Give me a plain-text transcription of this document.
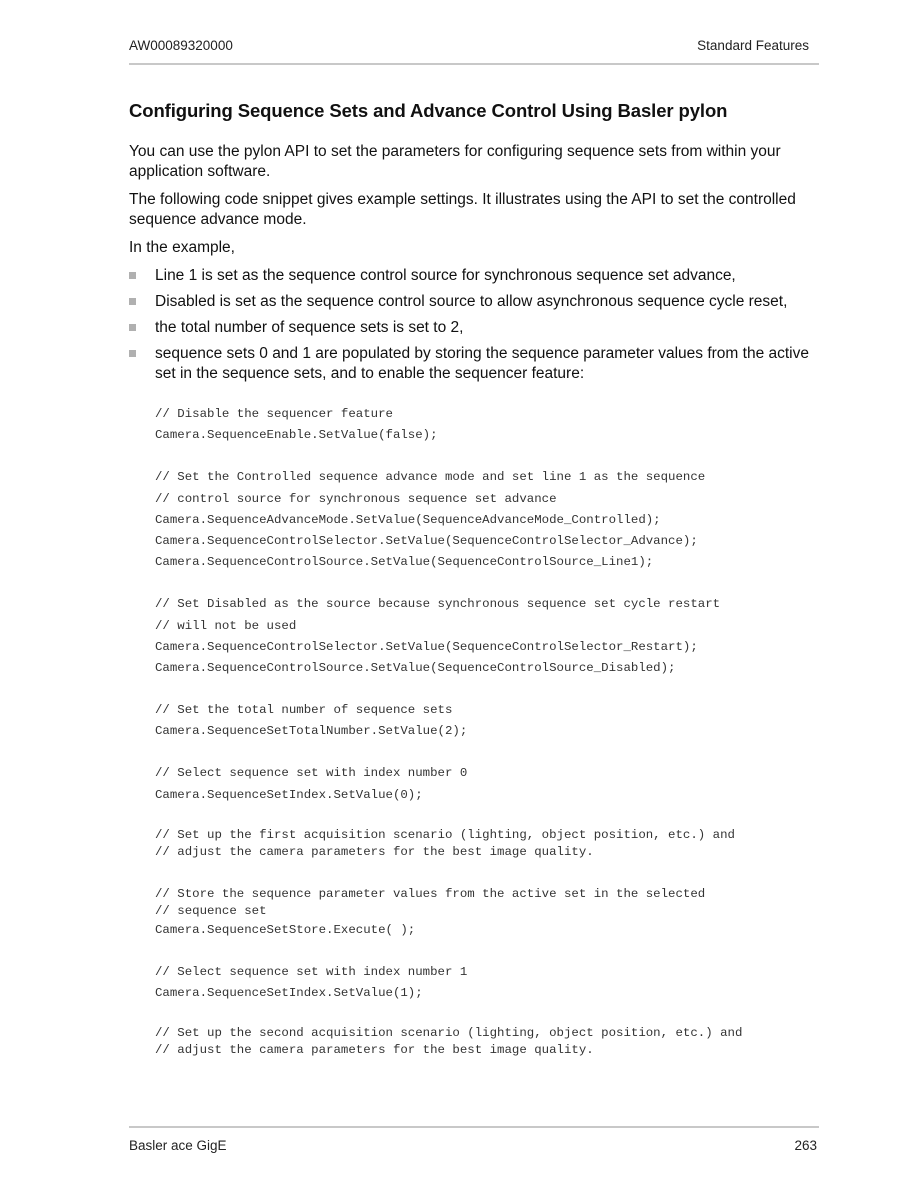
AW00089320000	Standard Features
Configuring Sequence Sets and Advance Control Using Basler pylon

You can use the pylon API to set the parameters for configuring sequence sets from within your application software.

The following code snippet gives example settings. It illustrates using the API to set the controlled sequence advance mode.

In the example,

Line 1 is set as the sequence control source for synchronous sequence set advance,
Disabled is set as the sequence control source to allow asynchronous sequence cycle reset,
the total number of sequence sets is set to 2,
sequence sets 0 and 1 are populated by storing the sequence parameter values from the active set in the sequence sets, and to enable the sequencer feature:
// Disable the sequencer feature
Camera.SequenceEnable.SetValue(false);
// Set the Controlled sequence advance mode and set line 1 as the sequence
// control source for synchronous sequence set advance
Camera.SequenceAdvanceMode.SetValue(SequenceAdvanceMode_Controlled);
Camera.SequenceControlSelector.SetValue(SequenceControlSelector_Advance);
Camera.SequenceControlSource.SetValue(SequenceControlSource_Line1);
// Set Disabled as the source because synchronous sequence set cycle restart
// will not be used
Camera.SequenceControlSelector.SetValue(SequenceControlSelector_Restart);
Camera.SequenceControlSource.SetValue(SequenceControlSource_Disabled);
// Set the total number of sequence sets
Camera.SequenceSetTotalNumber.SetValue(2);
// Select sequence set with index number 0
Camera.SequenceSetIndex.SetValue(0);
// Set up the first acquisition scenario (lighting, object position, etc.) and
// adjust the camera parameters for the best image quality.
// Store the sequence parameter values from the active set in the selected
// sequence set
Camera.SequenceSetStore.Execute( );
// Select sequence set with index number 1
Camera.SequenceSetIndex.SetValue(1);
// Set up the second acquisition scenario (lighting, object position, etc.) and
// adjust the camera parameters for the best image quality.
Basler ace GigE	263
